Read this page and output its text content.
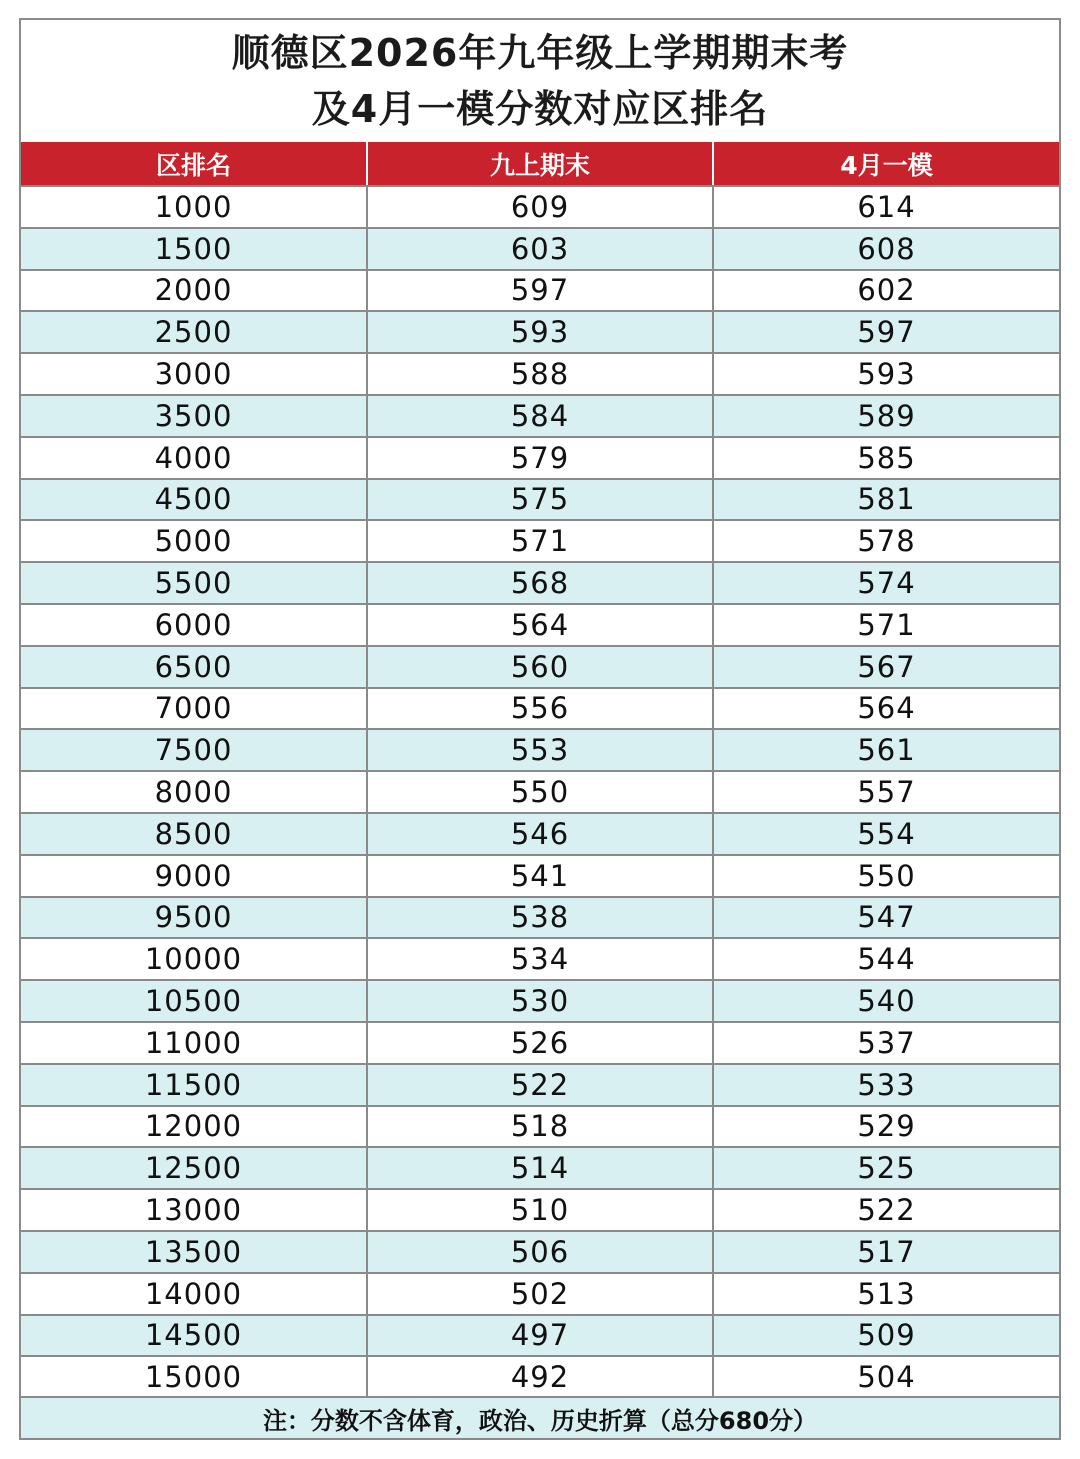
顺德区2026年九年级上学期期末考
及4月一模分数对应区排名
区排名	九上期末	4月一模
1000	609	614
1500	603	608
2000	597	602
2500	593	597
3000	588	593
3500	584	589
4000	579	585
4500	575	581
5000	571	578
5500	568	574
6000	564	571
6500	560	567
7000	556	564
7500	553	561
8000	550	557
8500	546	554
9000	541	550
9500	538	547
10000	534	544
10500	530	540
11000	526	537
11500	522	533
12000	518	529
12500	514	525
13000	510	522
13500	506	517
14000	502	513
14500	497	509
15000	492	504
注：分数不含体育，政治、历史折算（总分680分）
